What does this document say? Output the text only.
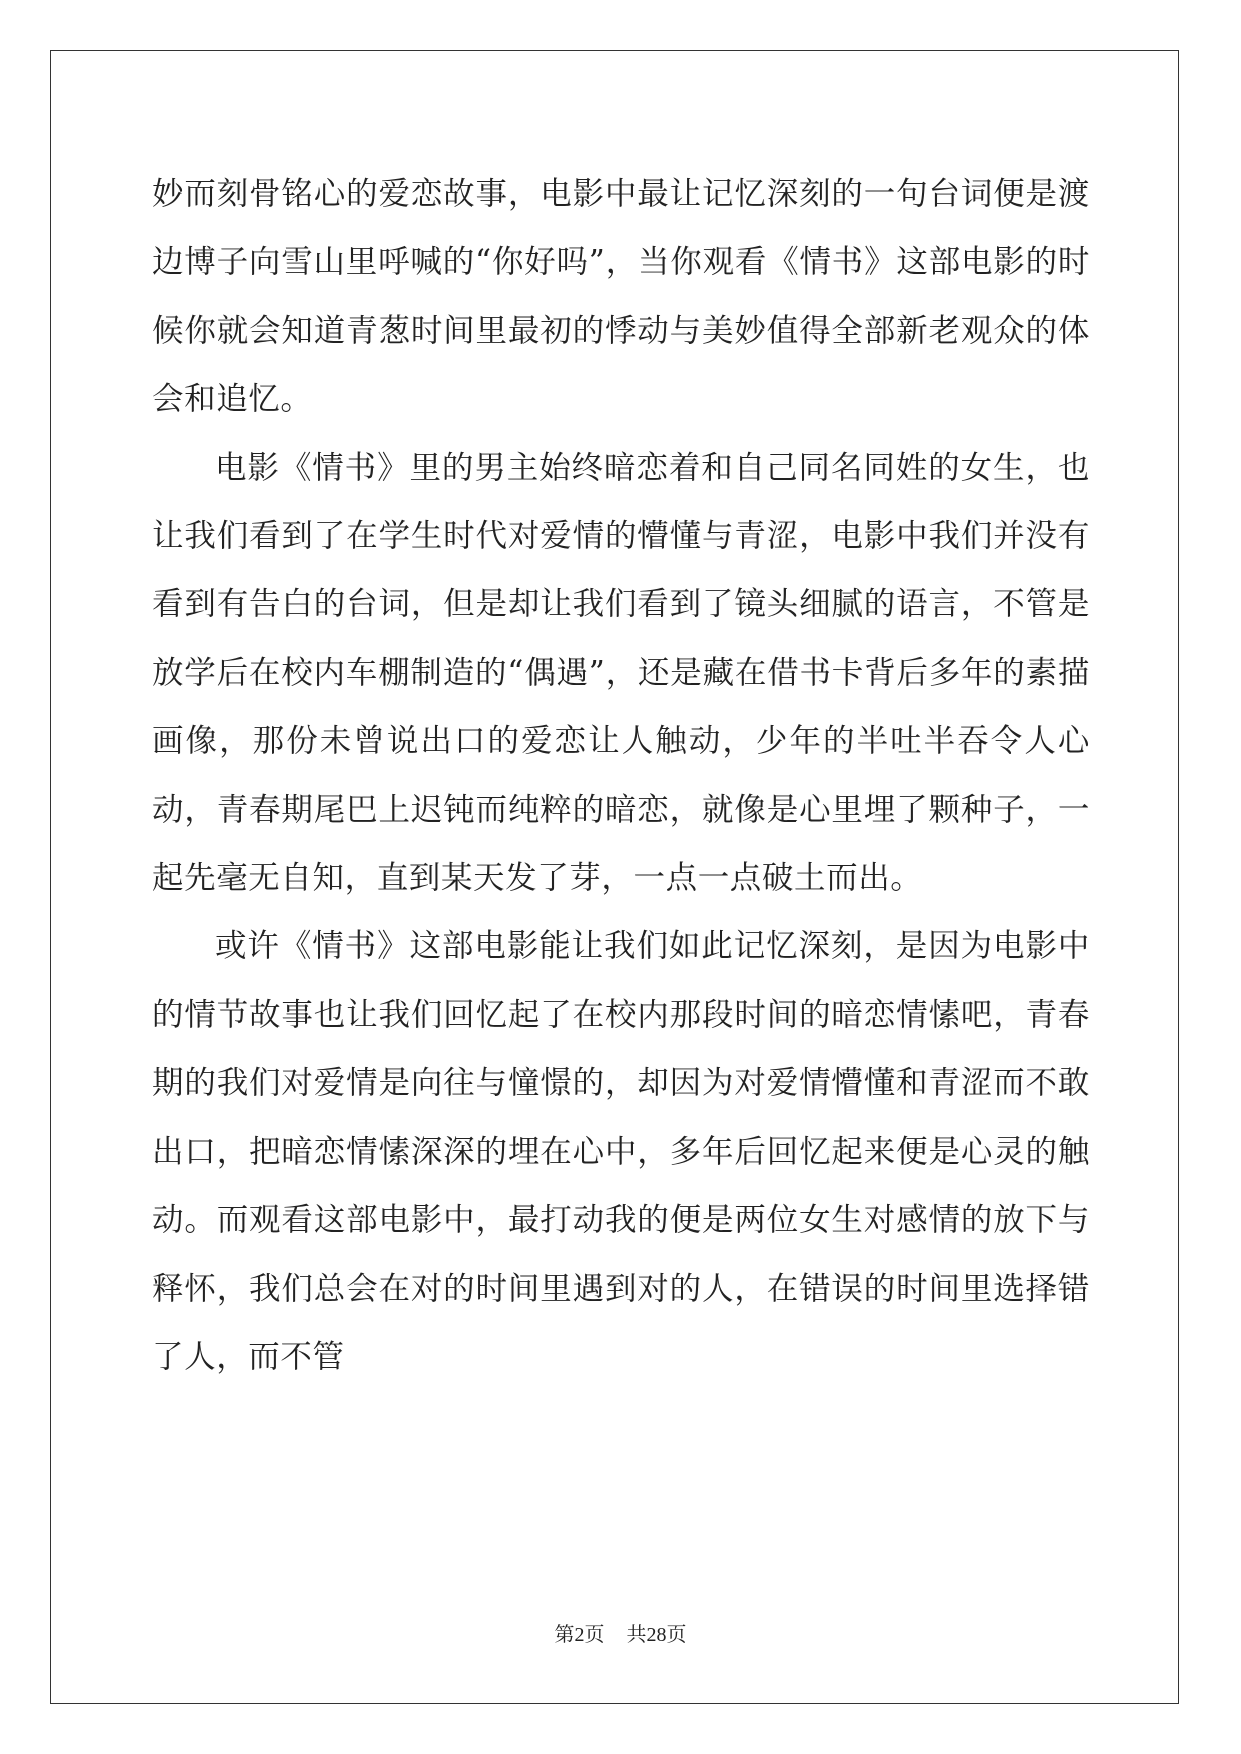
妙而刻骨铭心的爱恋故事，电影中最让记忆深刻的一句台词便是渡边博子向雪山里呼喊的“你好吗”，当你观看《情书》这部电影的时候你就会知道青葱时间里最初的悸动与美妙值得全部新老观众的体会和追忆。

电影《情书》里的男主始终暗恋着和自己同名同姓的女生，也让我们看到了在学生时代对爱情的懵懂与青涩，电影中我们并没有看到有告白的台词，但是却让我们看到了镜头细腻的语言，不管是放学后在校内车棚制造的“偶遇”，还是藏在借书卡背后多年的素描画像，那份未曾说出口的爱恋让人触动，少年的半吐半吞令人心动，青春期尾巴上迟钝而纯粹的暗恋，就像是心里埋了颗种子，一起先毫无自知，直到某天发了芽，一点一点破土而出。

或许《情书》这部电影能让我们如此记忆深刻，是因为电影中的情节故事也让我们回忆起了在校内那段时间的暗恋情愫吧，青春期的我们对爱情是向往与憧憬的，却因为对爱情懵懂和青涩而不敢出口，把暗恋情愫深深的埋在心中，多年后回忆起来便是心灵的触动。而观看这部电影中，最打动我的便是两位女生对感情的放下与释怀，我们总会在对的时间里遇到对的人，在错误的时间里选择错了人，而不管

第2页 共28页
